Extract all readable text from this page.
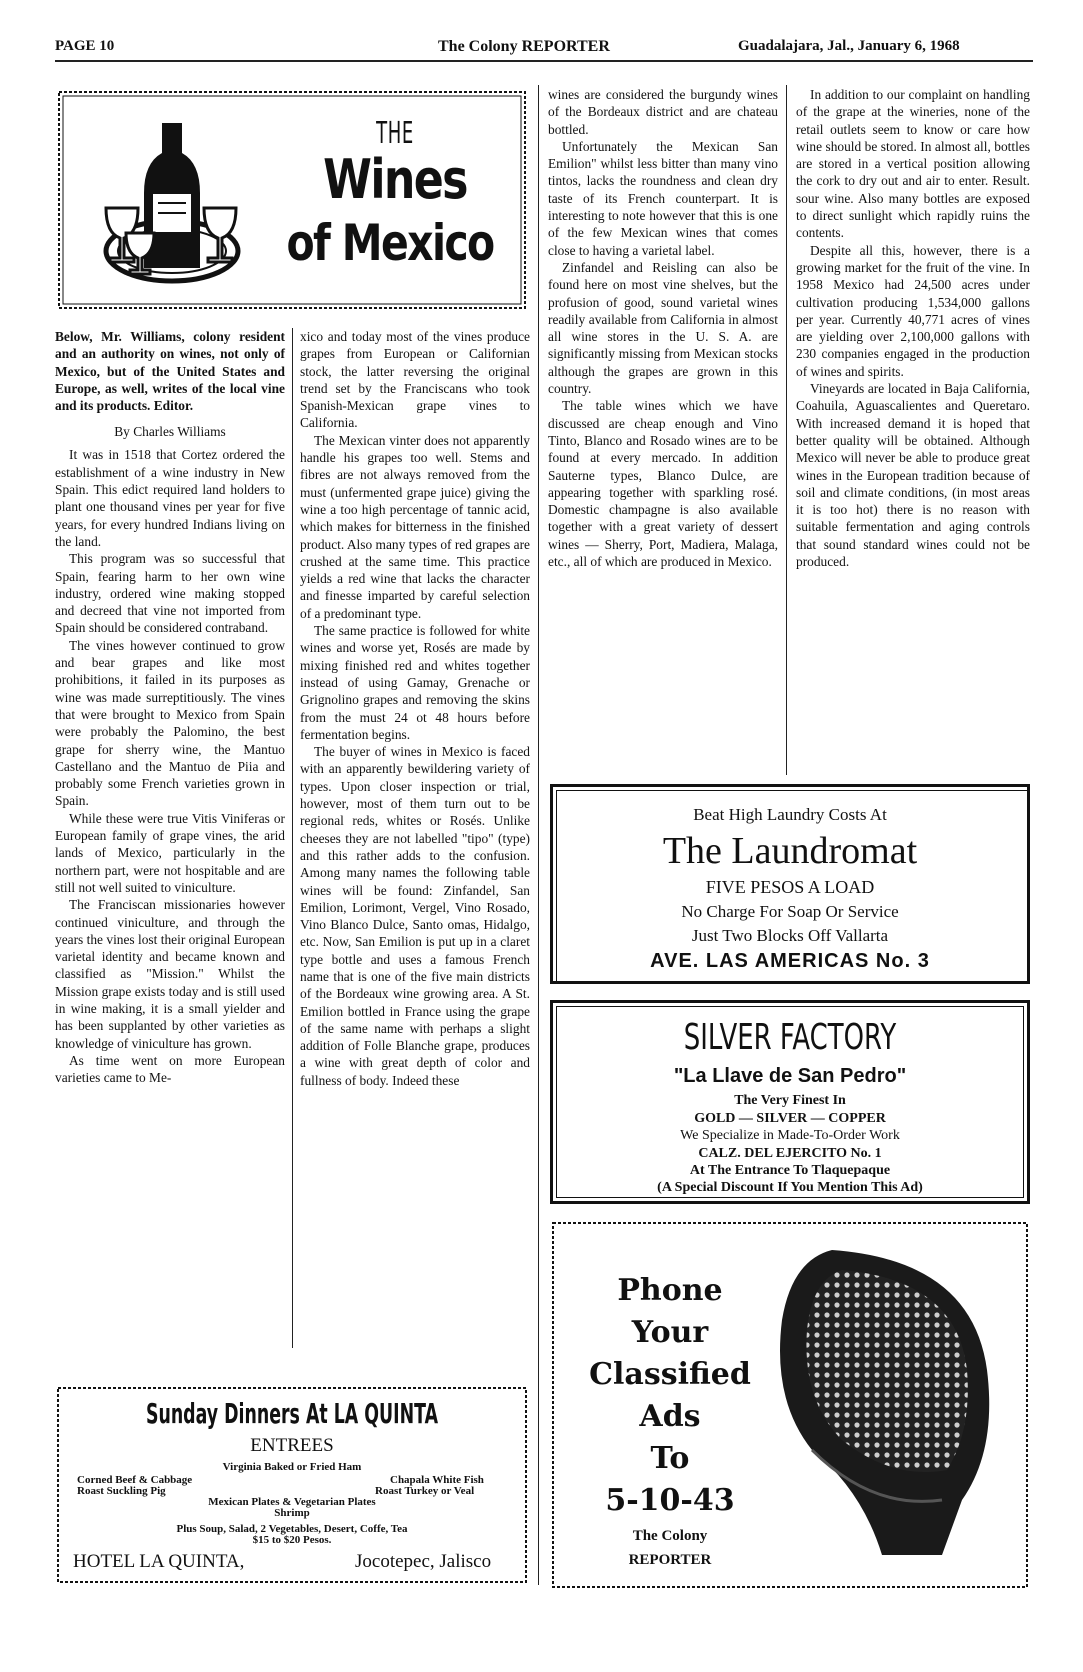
PAGE 10	The Colony REPORTER	Guadalajara, Jal., January 6, 1968
THE
Wines
of Mexico
Below, Mr. Williams, colony resident and an authority on wines, not only of Mexico, but of the United States and Europe, as well, writes of the local vine and its products. Editor.
By Charles Williams

It was in 1518 that Cortez ordered the establishment of a wine industry in New Spain. This edict required land holders to plant one thousand vines per year for five years, for every hundred Indians living on the land.

This program was so successful that Spain, fearing harm to her own wine industry, ordered wine making stopped and decreed that vine not imported from Spain should be considered contraband.

The vines however continued to grow and bear grapes and like most prohibitions, it failed in its purposes as wine was made surreptitiously. The vines that were brought to Mexico from Spain were probably the Palomino, the best grape for sherry wine, the Mantuo Castellano and the Mantuo de Piia and probably some French varieties grown in Spain.

While these were true Vitis Viniferas or European family of grape vines, the arid lands of Mexico, particularly in the northern part, were not hospitable and are still not well suited to viniculture.

The Franciscan missionaries however continued viniculture, and through the years the vines lost their original European varietal identity and became known and classified as "Mission." Whilst the Mission grape exists today and is still used in wine making, it is a small yielder and has been supplanted by other varieties as knowledge of viniculture has grown.

As time went on more European varieties came to Me-

xico and today most of the vines produce grapes from European or Californian stock, the latter reversing the original trend set by the Franciscans who took Spanish-Mexican grape vines to California.

The Mexican vinter does not apparently handle his grapes too well. Stems and fibres are not always removed from the must (unfermented grape juice) giving the wine a too high percentage of tannic acid, which makes for bitterness in the finished product. Also many types of red grapes are crushed at the same time. This practice yields a red wine that lacks the character and finesse imparted by careful selection of a predominant type.

The same practice is followed for white wines and worse yet, Rosés are made by mixing finished red and whites together instead of using Gamay, Grenache or Grignolino grapes and removing the skins from the must 24 ot 48 hours before fermentation begins.

The buyer of wines in Mexico is faced with an apparently bewildering variety of types. Upon closer inspection or trial, however, most of them turn out to be regional reds, whites or Rosés. Unlike cheeses they are not labelled "tipo" (type) and this rather adds to the confusion. Among many names the following table wines will be found: Zinfandel, San Emilion, Lorimont, Vergel, Vino Rosado, Vino Blanco Dulce, Santo omas, Hidalgo, etc. Now, San Emilion is put up in a claret type bottle and uses a famous French name that is one of the five main districts of the Bordeaux wine growing area. A St. Emilion bottled in France using the grape of the same name with perhaps a slight addition of Folle Blanche grape, produces a wine with great depth of color and fullness of body. Indeed these

wines are considered the burgundy wines of the Bordeaux district and are chateau bottled.

Unfortunately the Mexican San Emilion" whilst less bitter than many vino tintos, lacks the roundness and clean dry taste of its French counterpart. It is interesting to note however that this is one of the few Mexican wines that comes close to having a varietal label.

Zinfandel and Reisling can also be found here on most vine shelves, but the profusion of good, sound varietal wines readily available from California in almost all wine stores in the U. S. A. are significantly missing from Mexican stocks although the grapes are grown in this country.

The table wines which we have discussed are cheap enough and Vino Tinto, Blanco and Rosado wines are to be found at every mercado. In addition Sauterne types, Blanco Dulce, are appearing together with sparkling rosé. Domestic champagne is also available together with a great variety of dessert wines — Sherry, Port, Madiera, Malaga, etc., all of which are produced in Mexico.

In addition to our complaint on handling of the grape at the wineries, none of the retail outlets seem to know or care how wine should be stored. In almost all, bottles are stored in a vertical position allowing the cork to dry out and air to enter. Result. sour wine. Also many bottles are exposed to direct sunlight which rapidly ruins the contents.

Despite all this, however, there is a growing market for the fruit of the vine. In 1958 Mexico had 24,500 acres under cultivation producing 1,534,000 gallons per year. Currently 40,771 acres of vines are yielding over 2,100,000 gallons with 230 companies engaged in the production of wines and spirits.

Vineyards are located in Baja California, Coahuila, Aguascalientes and Queretaro. With increased demand it is hoped that better quality will be obtained. Although Mexico will never be able to produce great wines in the European tradition because of soil and climate conditions, (in most areas it is too hot) there is no reason with suitable fermentation and aging controls that sound standard wines could not be produced.

Beat High Laundry Costs At
The Laundromat
FIVE PESOS A LOAD
No Charge For Soap Or Service
Just Two Blocks Off Vallarta
AVE. LAS AMERICAS No. 3
SILVER FACTORY
"La Llave de San Pedro"
The Very Finest In
GOLD — SILVER — COPPER
We Specialize in Made-To-Order Work
CALZ. DEL EJERCITO No. 1
At The Entrance To Tlaquepaque
(A Special Discount If You Mention This Ad)
Sunday Dinners At LA QUINTA
ENTREES
Virginia Baked or Fried Ham
Corned Beef & Cabbage	Chapala White Fish
Roast Suckling Pig	Roast Turkey or Veal
Mexican Plates & Vegetarian Plates
Shrimp
Plus Soup, Salad, 2 Vegetables, Desert, Coffe, Tea
$15 to $20 Pesos.
HOTEL LA QUINTA,	Jocotepec, Jalisco
Phone
Your
Classified
Ads
To
5-10-43
The Colony
REPORTER
